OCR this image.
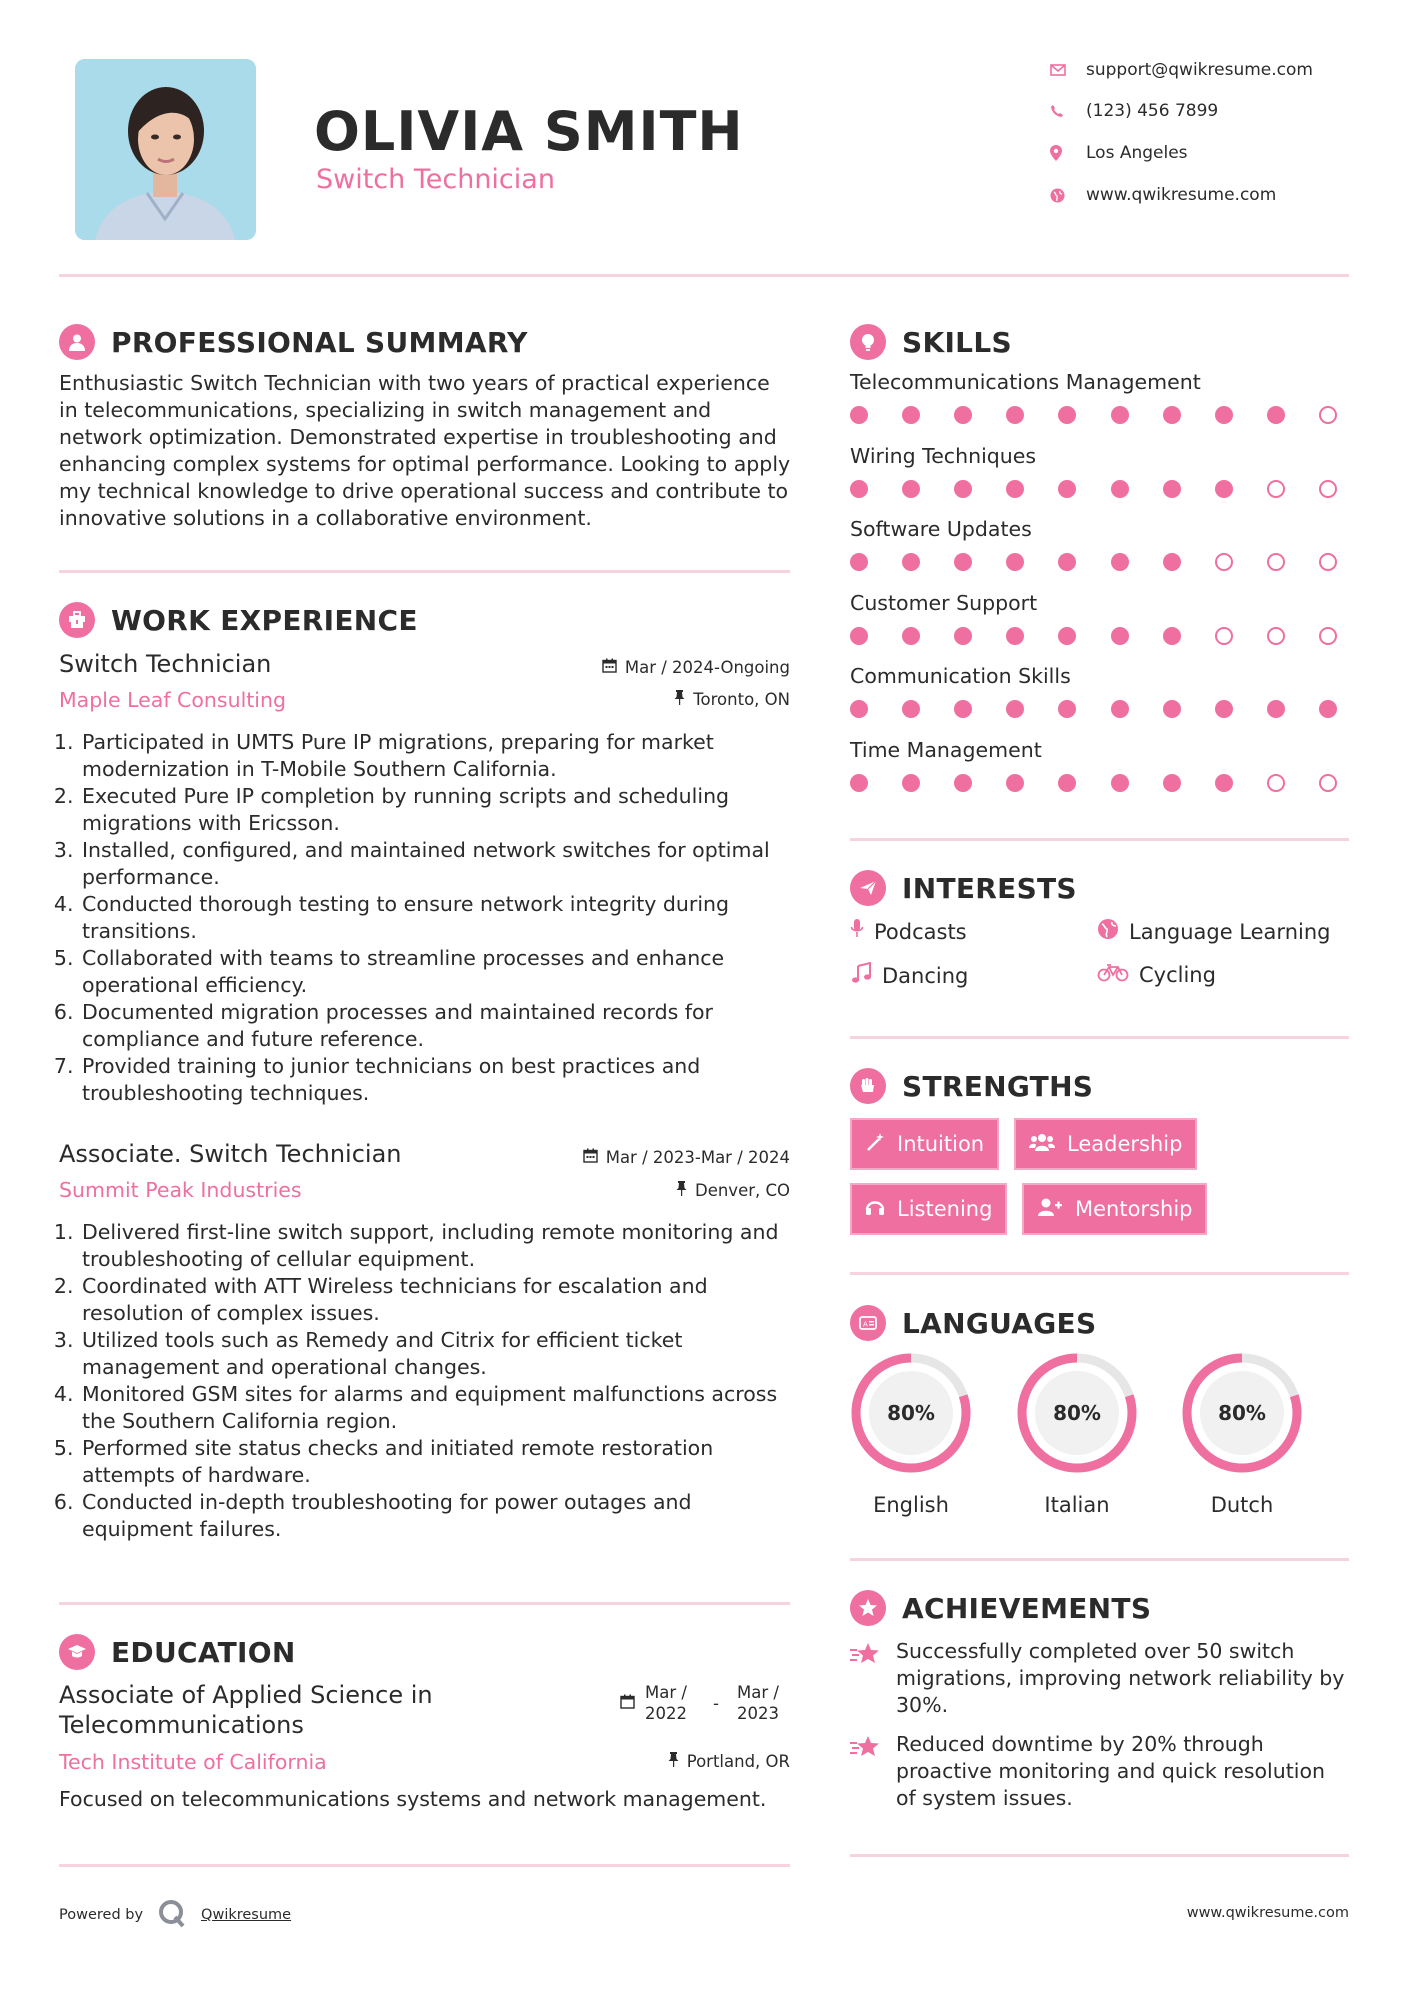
OLIVIA SMITH
Switch Technician
support@qwikresume.com
(123) 456 7899
Los Angeles
www.qwikresume.com
PROFESSIONAL SUMMARY
Enthusiastic Switch Technician with two years of practical experience in telecommunications, specializing in switch management and network optimization. Demonstrated expertise in troubleshooting and enhancing complex systems for optimal performance. Looking to apply my technical knowledge to drive operational success and contribute to innovative solutions in a collaborative environment.
WORK EXPERIENCE
Switch Technician	Mar / 2024-Ongoing
Maple Leaf Consulting	Toronto, ON
1. Participated in UMTS Pure IP migrations, preparing for market modernization in T-Mobile Southern California.
2. Executed Pure IP completion by running scripts and scheduling migrations with Ericsson.
3. Installed, configured, and maintained network switches for optimal performance.
4. Conducted thorough testing to ensure network integrity during transitions.
5. Collaborated with teams to streamline processes and enhance operational efficiency.
6. Documented migration processes and maintained records for compliance and future reference.
7. Provided training to junior technicians on best practices and troubleshooting techniques.
Associate. Switch Technician	Mar / 2023-Mar / 2024
Summit Peak Industries	Denver, CO
1. Delivered first-line switch support, including remote monitoring and troubleshooting of cellular equipment.
2. Coordinated with ATT Wireless technicians for escalation and resolution of complex issues.
3. Utilized tools such as Remedy and Citrix for efficient ticket management and operational changes.
4. Monitored GSM sites for alarms and equipment malfunctions across the Southern California region.
5. Performed site status checks and initiated remote restoration attempts of hardware.
6. Conducted in-depth troubleshooting for power outages and equipment failures.
EDUCATION
Associate of Applied Science in Telecommunications
Mar / 2022
-
Mar / 2023
Tech Institute of California	Portland, OR
Focused on telecommunications systems and network management.
SKILLS
Telecommunications Management
Wiring Techniques
Software Updates
Customer Support
Communication Skills
Time Management
INTERESTS
Podcasts	Language Learning
Dancing	Cycling
STRENGTHS
Intuition	Leadership
Listening	Mentorship
A LANGUAGES
80%
English
80%
Italian
80%
Dutch
ACHIEVEMENTS
Successfully completed over 50 switch migrations, improving network reliability by 30%.
Reduced downtime by 20% through proactive monitoring and quick resolution of system issues.
Powered by	Qwikresume	www.qwikresume.com
